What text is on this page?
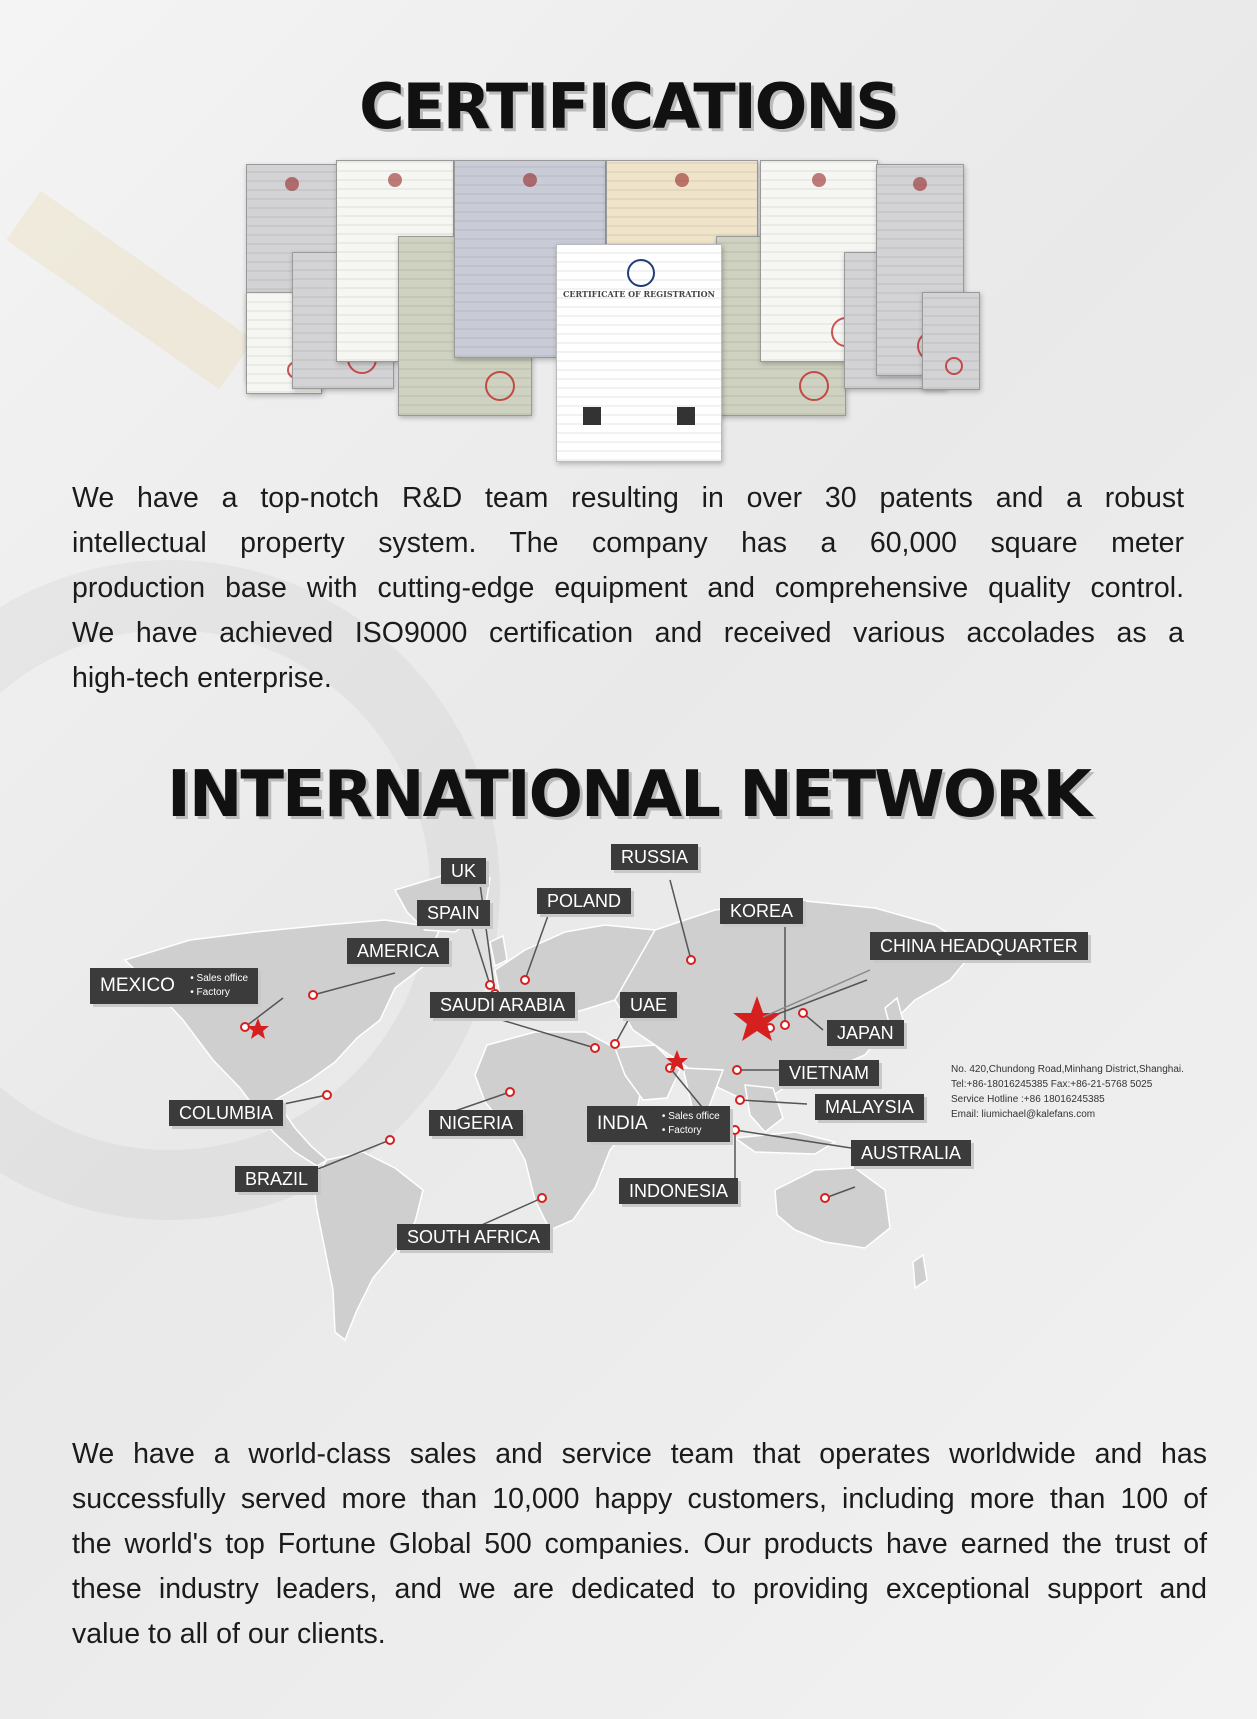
CERTIFICATIONS
CERTIFICATE OF REGISTRATION
We have a top-notch R&D team resulting in over 30 patents and a robust
intellectual property system. The company has a 60,000 square meter
production base with cutting-edge equipment and comprehensive quality control.
We have achieved ISO9000 certification and received various accolades as a
high-tech enterprise.
INTERNATIONAL NETWORK
UK
RUSSIA
SPAIN
POLAND	KOREA
AMERICA
MEXICO • Sales office
• Factory
SAUDI ARABIA	UAE
CHINA HEADQUARTER
No. 420,Chundong Road,Minhang District,Shanghai.
Tel:+86-18016245385 Fax:+86-21-5768 5025
Service Hotline :+86 18016245385
Email: liumichael@kalefans.com
JAPAN
VIETNAM
MALAYSIA
COLUMBIA	NIGERIA	INDIA • Sales office
• Factory
AUSTRALIA
BRAZIL
INDONESIA
SOUTH AFRICA
We have a world-class sales and service team that operates worldwide and has
successfully served more than 10,000 happy customers, including more than 100 of
the world's top Fortune Global 500 companies. Our products have earned the trust of
these industry leaders, and we are dedicated to providing exceptional support and
value to all of our clients.
